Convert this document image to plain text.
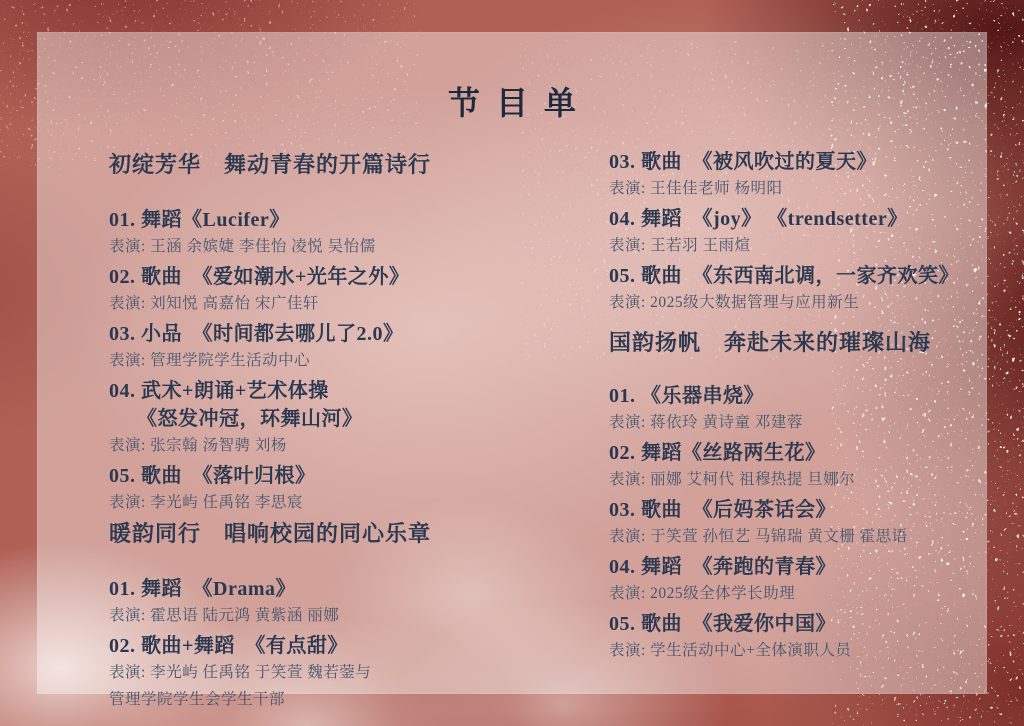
节目单
初绽芳华　舞动青春的开篇诗行
01. 舞蹈《Lucifer》
表演: 王涵 余嫔婕 李佳怡 凌悦 吴怡儒
02. 歌曲　《爱如潮水+光年之外》
表演: 刘知悦 高嘉怡 宋广佳轩
03. 小品　《时间都去哪儿了2.0》
表演: 管理学院学生活动中心
04. 武术+朗诵+艺术体操
《怒发冲冠，环舞山河》
表演: 张宗翰 汤智骋 刘杨
05. 歌曲　《落叶归根》
表演: 李光屿 任禹铭 李思宸
暖韵同行　唱响校园的同心乐章
01. 舞蹈　《Drama》
表演: 霍思语 陆元鸿 黄紫涵 丽娜
02. 歌曲+舞蹈　《有点甜》
表演: 李光屿 任禹铭 于笑萱 魏若蓥与
管理学院学生会学生干部
03. 歌曲　《被风吹过的夏天》
表演: 王佳佳老师 杨明阳
04. 舞蹈　《joy》 《trendsetter》
表演: 王若羽 王雨煊
05. 歌曲　《东西南北调，一家齐欢笑》
表演: 2025级大数据管理与应用新生
国韵扬帆　奔赴未来的璀璨山海
01. 《乐器串烧》
表演: 蒋依玲 黄诗童 邓建蓉
02. 舞蹈《丝路两生花》
表演: 丽娜 艾柯代 祖穆热提 旦娜尔
03. 歌曲　《后妈茶话会》
表演: 于笑萱 孙恒艺 马锦瑞 黄文栅 霍思语
04. 舞蹈　《奔跑的青春》
表演: 2025级全体学长助理
05. 歌曲　《我爱你中国》
表演: 学生活动中心+全体演职人员
